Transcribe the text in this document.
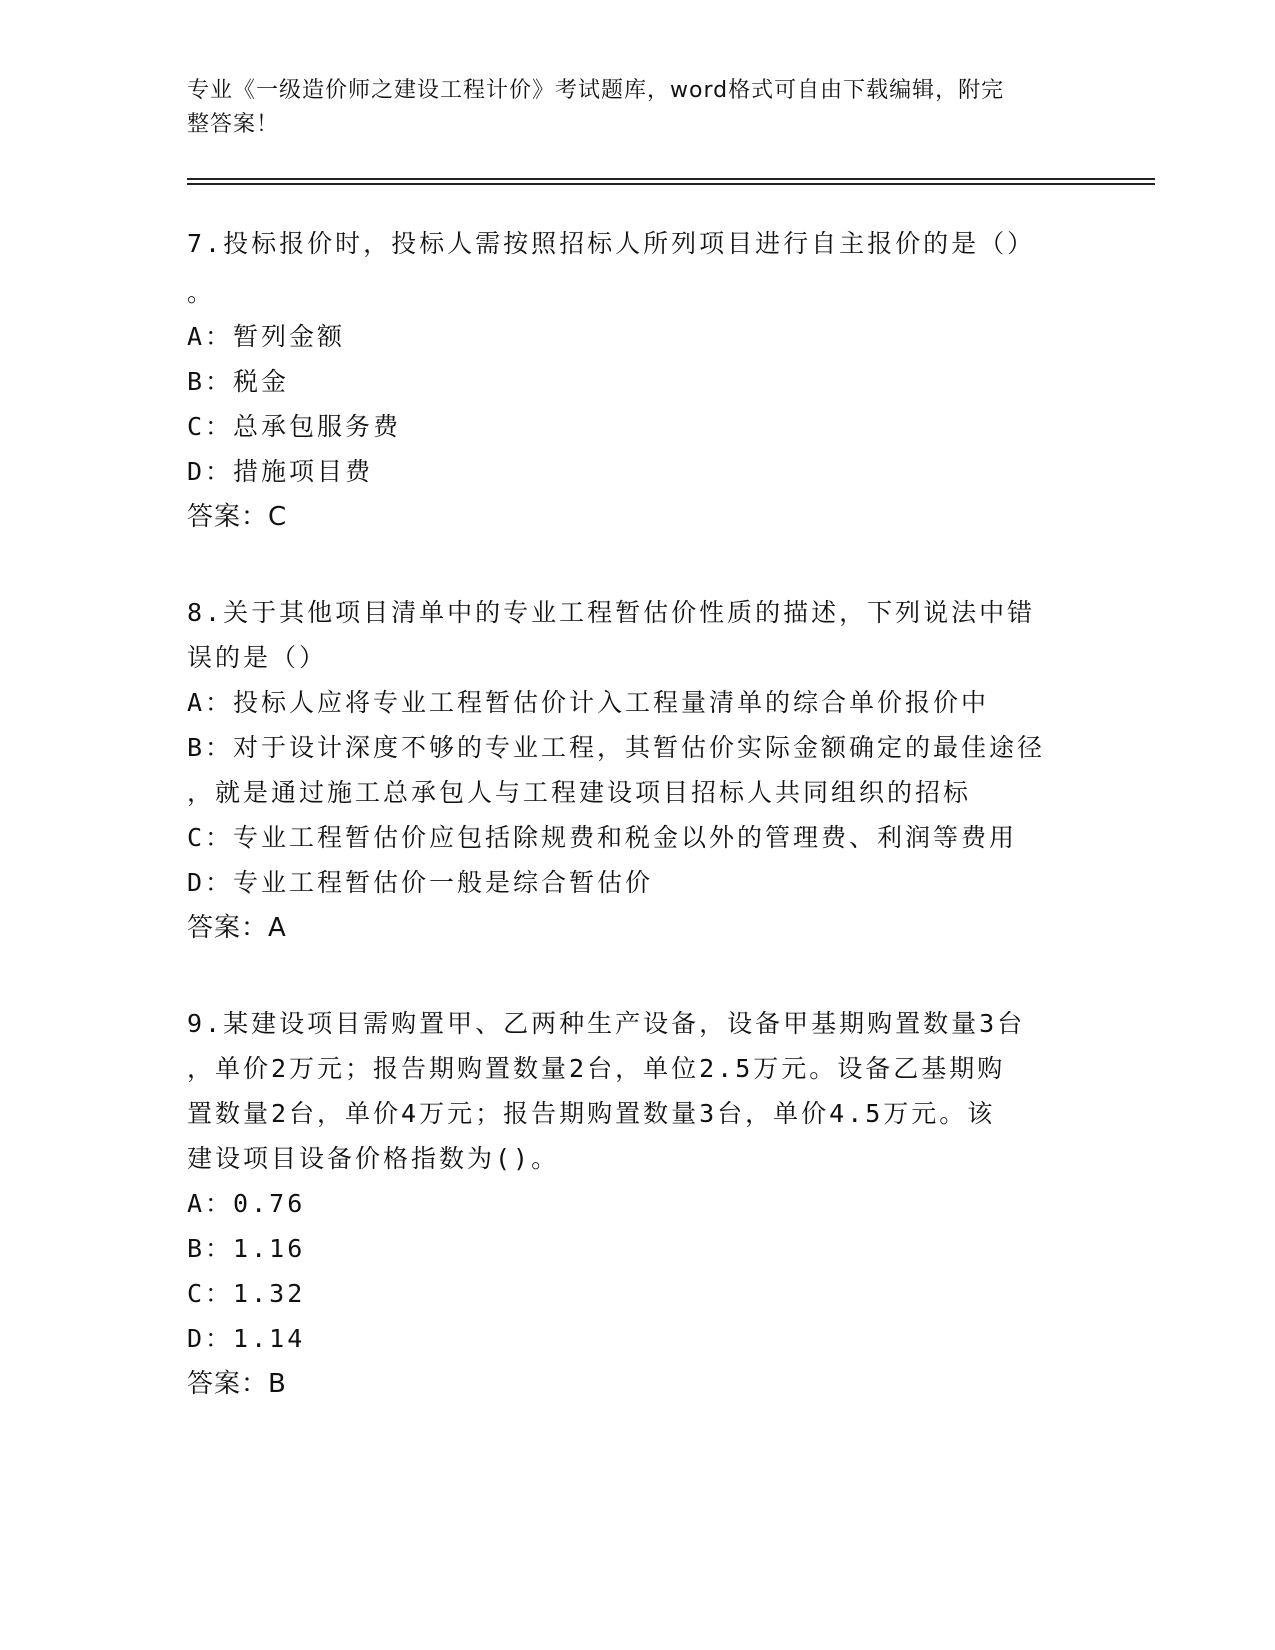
专业《一级造价师之建设工程计价》考试题库，word格式可自由下载编辑，附完
整答案！
7.投标报价时，投标人需按照招标人所列项目进行自主报价的是（）
。
A：暂列金额
B：税金
C：总承包服务费
D：措施项目费
答案：C
8.关于其他项目清单中的专业工程暂估价性质的描述，下列说法中错
误的是（）
A：投标人应将专业工程暂估价计入工程量清单的综合单价报价中
B：对于设计深度不够的专业工程，其暂估价实际金额确定的最佳途径
，就是通过施工总承包人与工程建设项目招标人共同组织的招标
C：专业工程暂估价应包括除规费和税金以外的管理费、利润等费用
D：专业工程暂估价一般是综合暂估价
答案：A
9.某建设项目需购置甲、乙两种生产设备，设备甲基期购置数量3台
，单价2万元；报告期购置数量2台，单位2.5万元。设备乙基期购
置数量2台，单价4万元；报告期购置数量3台，单价4.5万元。该
建设项目设备价格指数为()。
A：0.76
B：1.16
C：1.32
D：1.14
答案：B
